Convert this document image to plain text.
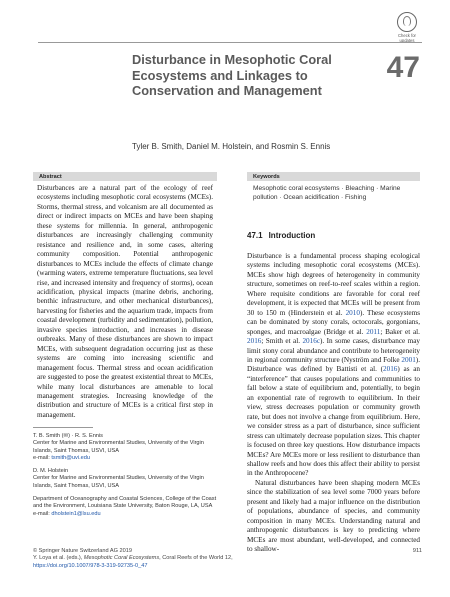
Check for
updates
Disturbance in Mesophotic Coral Ecosystems and Linkages to Conservation and Management
47
Tyler B. Smith, Daniel M. Holstein, and Rosmin S. Ennis
Abstract
Disturbances are a natural part of the ecology of reef ecosystems including mesophotic coral ecosystems (MCEs). Storms, thermal stress, and volcanism are all documented as direct or indirect impacts on MCEs and have been shaping these systems for millennia. In general, anthropogenic disturbances are increasingly challenging community resistance and resilience and, in some cases, altering community composition. Potential anthropogenic disturbances to MCEs include the effects of climate change (warming waters, extreme temperature fluctuations, sea level rise, and increased intensity and frequency of storms), ocean acidification, physical impacts (marine debris, anchoring, benthic infrastructure, and other mechanical disturbances), harvesting for fisheries and the aquarium trade, impacts from coastal development (turbidity and sedimentation), pollution, invasive species introduction, and increases in disease outbreaks. Many of these disturbances are shown to impact MCEs, with subsequent degradation occurring just as these systems are coming into increasing scientific and management focus. Thermal stress and ocean acidification are suggested to pose the greatest existential threat to MCEs, while many local disturbances are amenable to local management strategies. Increasing knowledge of the distribution and structure of MCEs is a critical first step in management.
Keywords
Mesophotic coral ecosystems · Bleaching · Marine pollution · Ocean acidification · Fishing
47.1 Introduction

Disturbance is a fundamental process shaping ecological systems including mesophotic coral ecosystems (MCEs). MCEs show high degrees of heterogeneity in community structure, sometimes on reef-to-reef scales within a region. Where requisite conditions are favorable for coral reef development, it is expected that MCEs will be present from 30 to 150 m (Hinderstein et al. 2010). These ecosystems can be dominated by stony corals, octocorals, gorgonians, sponges, and macroalgae (Bridge et al. 2011; Baker et al. 2016; Smith et al. 2016c). In some cases, disturbance may limit stony coral abundance and contribute to heterogeneity in regional community structure (Nyström and Folke 2001). Disturbance was defined by Battisti et al. (2016) as an “interference” that causes populations and communities to fall below a state of equilibrium and, potentially, to begin an exponential rate of regrowth to equilibrium. In their view, stress decreases population or community growth rate, but does not involve a change from equilibrium. Here, we consider stress as a part of disturbance, since sufficient stress can ultimately decrease population sizes. This chapter is focused on three key questions. How disturbance impacts MCEs? Are MCEs more or less resilient to disturbance than shallow reefs and how does this affect their ability to persist in the Anthropocene?

Natural disturbances have been shaping modern MCEs since the stabilization of sea level some 7000 years before present and likely had a major influence on the distribution of populations, abundance of species, and community composition in many MCEs. Understanding natural and anthropogenic disturbances is key to predicting where MCEs are most abundant, well-developed, and connected to shallow-

T. B. Smith (✉) · R. S. Ennis
Center for Marine and Environmental Studies, University of the Virgin Islands, Saint Thomas, USVI, USA
e-mail: tsmith@uvi.edu
D. M. Holstein
Center for Marine and Environmental Studies, University of the Virgin Islands, Saint Thomas, USVI, USA
Department of Oceanography and Coastal Sciences, College of the Coast and the Environment, Louisiana State University, Baton Rouge, LA, USA
e-mail: dholstein1@lsu.edu
© Springer Nature Switzerland AG 2019
Y. Loya et al. (eds.), Mesophotic Coral Ecosystems, Coral Reefs of the World 12,
https://doi.org/10.1007/978-3-319-92735-0_47
911
